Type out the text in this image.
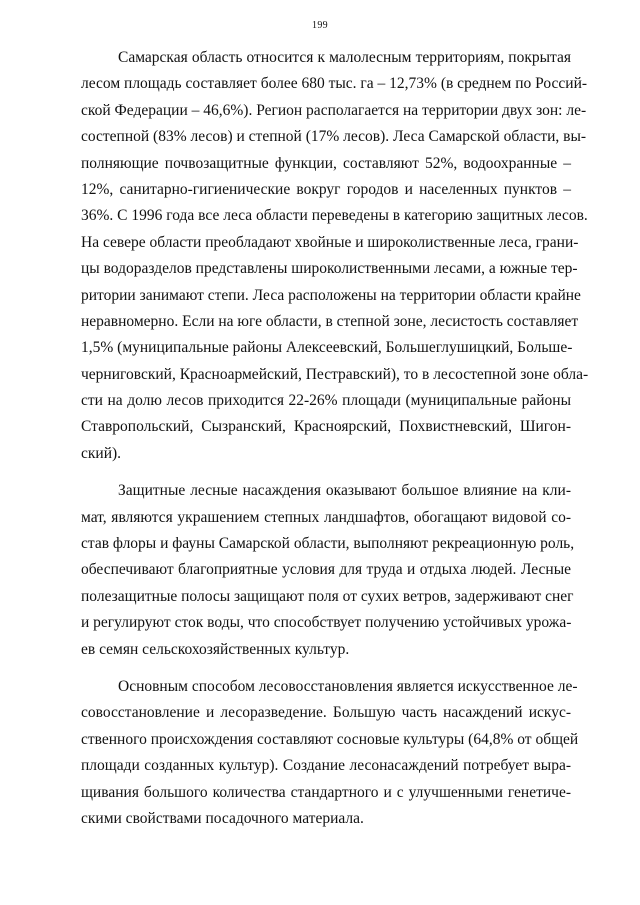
199
Самарская область относится к малолесным территориям, покрытая
лесом площадь составляет более 680 тыс. га – 12,73% (в среднем по Россий-
ской Федерации – 46,6%). Регион располагается на территории двух зон: ле-
состепной (83% лесов) и степной (17% лесов). Леса Самарской области, вы-
полняющие почвозащитные функции, составляют 52%, водоохранные –
12%, санитарно-гигиенические вокруг городов и населенных пунктов –
36%. С 1996 года все леса области переведены в категорию защитных лесов.
На севере области преобладают хвойные и широколиственные леса, грани-
цы водоразделов представлены широколиственными лесами, а южные тер-
ритории занимают степи. Леса расположены на территории области крайне
неравномерно. Если на юге области, в степной зоне, лесистость составляет
1,5% (муниципальные районы Алексеевский, Большеглушицкий, Больше-
черниговский, Красноармейский, Пестравский), то в лесостепной зоне обла-
сти на долю лесов приходится 22-26% площади (муниципальные районы
Ставропольский, Сызранский, Красноярский, Похвистневский, Шигон-
ский).
Защитные лесные насаждения оказывают большое влияние на кли-
мат, являются украшением степных ландшафтов, обогащают видовой со-
став флоры и фауны Самарской области, выполняют рекреационную роль,
обеспечивают благоприятные условия для труда и отдыха людей. Лесные
полезащитные полосы защищают поля от сухих ветров, задерживают снег
и регулируют сток воды, что способствует получению устойчивых урожа-
ев семян сельскохозяйственных культур.
Основным способом лесовосстановления является искусственное ле-
совосстановление и лесоразведение. Большую часть насаждений искус-
ственного происхождения составляют сосновые культуры (64,8% от общей
площади созданных культур). Создание лесонасаждений потребует выра-
щивания большого количества стандартного и с улучшенными генетиче-
скими свойствами посадочного материала.
